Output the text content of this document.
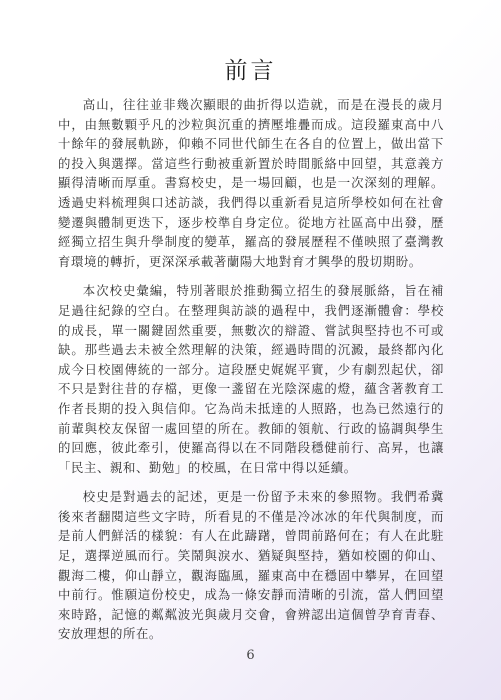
前言

高山，往往並非幾次顯眼的曲折得以造就，而是在漫長的歲月中，由無數顆乎凡的沙粒與沉重的擠壓堆疊而成。這段羅東高中八十餘年的發展軌跡，仰賴不同世代師生在各自的位置上，做出當下的投入與選擇。當這些行動被重新置於時間脈絡中回望，其意義方顯得清晰而厚重。書寫校史，是一場回顧，也是一次深刻的理解。透過史料梳理與口述訪談，我們得以重新看見這所學校如何在社會變遷與體制更迭下，逐步校準自身定位。從地方社區高中出發，歷經獨立招生與升學制度的變革，羅高的發展歷程不僅映照了臺灣教育環境的轉折，更深深承載著蘭陽大地對育才興學的殷切期盼。

本次校史彙編，特別著眼於推動獨立招生的發展脈絡，旨在補足過往紀錄的空白。在整理與訪談的過程中，我們逐漸體會：學校的成長，單一關鍵固然重要，無數次的辯證、嘗試與堅持也不可或缺。那些過去未被全然理解的決策，經過時間的沉澱，最終都內化成今日校園傳統的一部分。這段歷史娓娓平實，少有劇烈起伏，卻不只是對往昔的存檔，更像一盞留在光陰深處的燈，蘊含著教育工作者長期的投入與信仰。它為尚未抵達的人照路，也為已然遠行的前輩與校友保留一處回望的所在。教師的領航、行政的協調與學生的回應，彼此牽引，使羅高得以在不同階段穩健前行、高昇，也讓「民主、親和、勤勉」的校風，在日常中得以延續。

校史是對過去的記述，更是一份留予未來的參照物。我們希冀後來者翻閱這些文字時，所看見的不僅是冷冰冰的年代與制度，而是前人們鮮活的樣貌：有人在此躊躇，曾問前路何在；有人在此駐足，選擇逆風而行。笑鬧與淚水、猶疑與堅持，猶如校園的仰山、觀海二樓，仰山靜立，觀海臨風，羅東高中在穩固中攀昇，在回望中前行。惟願這份校史，成為一條安靜而清晰的引流，當人們回望來時路，記憶的粼粼波光與歲月交會，會辨認出這個曾孕育青春、安放理想的所在。

6
